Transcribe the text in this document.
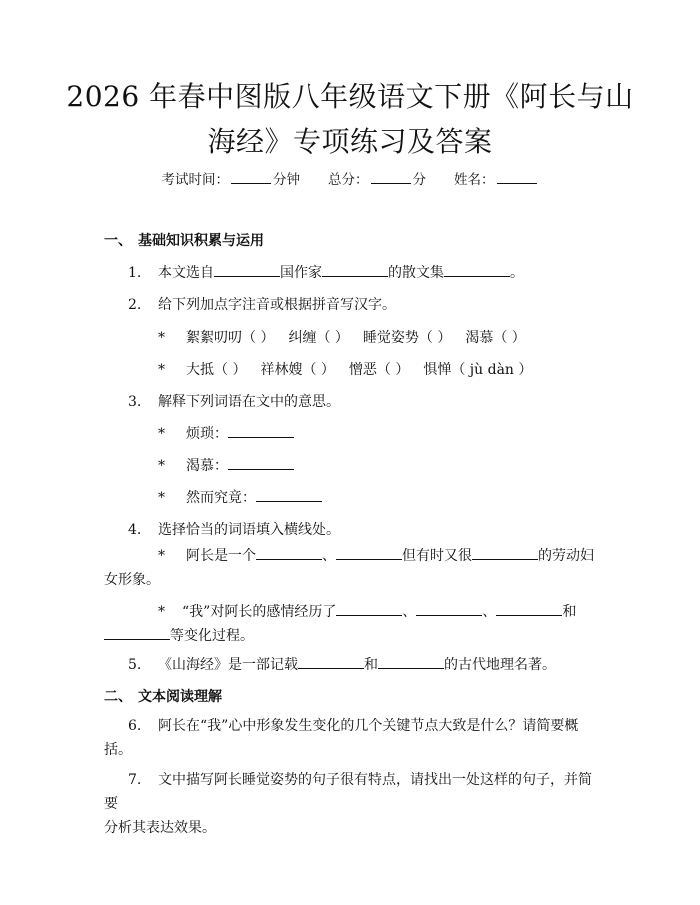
2026 年春中图版八年级语文下册《阿长与山
海经》专项练习及答案
考试时间：	分钟 总分：	分 姓名：
一、 基础知识积累与运用
1. 本文选自	国作家	的散文集	。
2. 给下列加点字注音或根据拼音写汉字。
* 絮絮叨叨（ ） 纠缠（ ） 睡觉姿势（ ） 渴慕（ ）
* 大抵（ ） 祥林嫂（ ） 憎恶（ ） 惧惮（ jù dàn ）
3. 解释下列词语在文中的意思。
* 烦琐：
* 渴慕：
* 然而究竟：
4. 选择恰当的词语填入横线处。
* 阿长是一个	、	但有时又很	的劳动妇
女形象。
* “我”对阿长的感情经历了	、	、	和
等变化过程。
5. 《山海经》是一部记载	和	的古代地理名著。
二、 文本阅读理解
6. 阿长在“我”心中形象发生变化的几个关键节点大致是什么？请简要概
括。
7. 文中描写阿长睡觉姿势的句子很有特点，请找出一处这样的句子，并简要
分析其表达效果。
